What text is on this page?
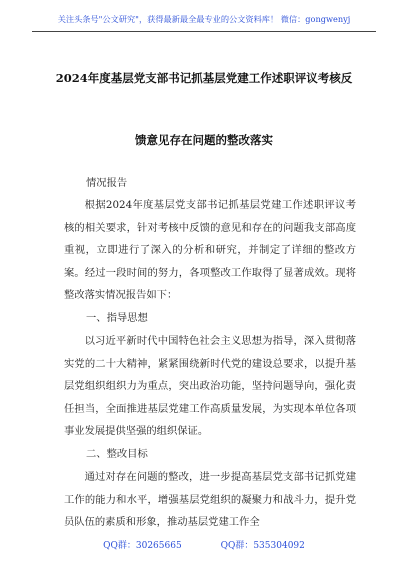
关注头条号"公文研究"，获得最新最全最专业的公文资料库！ 微信：gongwenyj
2024年度基层党支部书记抓基层党建工作述职评议考核反
馈意见存在问题的整改落实
情况报告
根据2024年度基层党支部书记抓基层党建工作述职评议考核的相关要求，针对考核中反馈的意见和存在的问题我支部高度重视，立即进行了深入的分析和研究，并制定了详细的整改方案。经过一段时间的努力，各项整改工作取得了显著成效。现将整改落实情况报告如下：
一、指导思想
以习近平新时代中国特色社会主义思想为指导，深入贯彻落实党的二十大精神，紧紧围绕新时代党的建设总要求，以提升基层党组织组织力为重点，突出政治功能，坚持问题导向，强化责任担当，全面推进基层党建工作高质量发展，为实现本单位各项事业发展提供坚强的组织保证。
二、整改目标
通过对存在问题的整改，进一步提高基层党支部书记抓党建工作的能力和水平，增强基层党组织的凝聚力和战斗力，提升党员队伍的素质和形象，推动基层党建工作全
QQ群：30265665	QQ群：535304092
